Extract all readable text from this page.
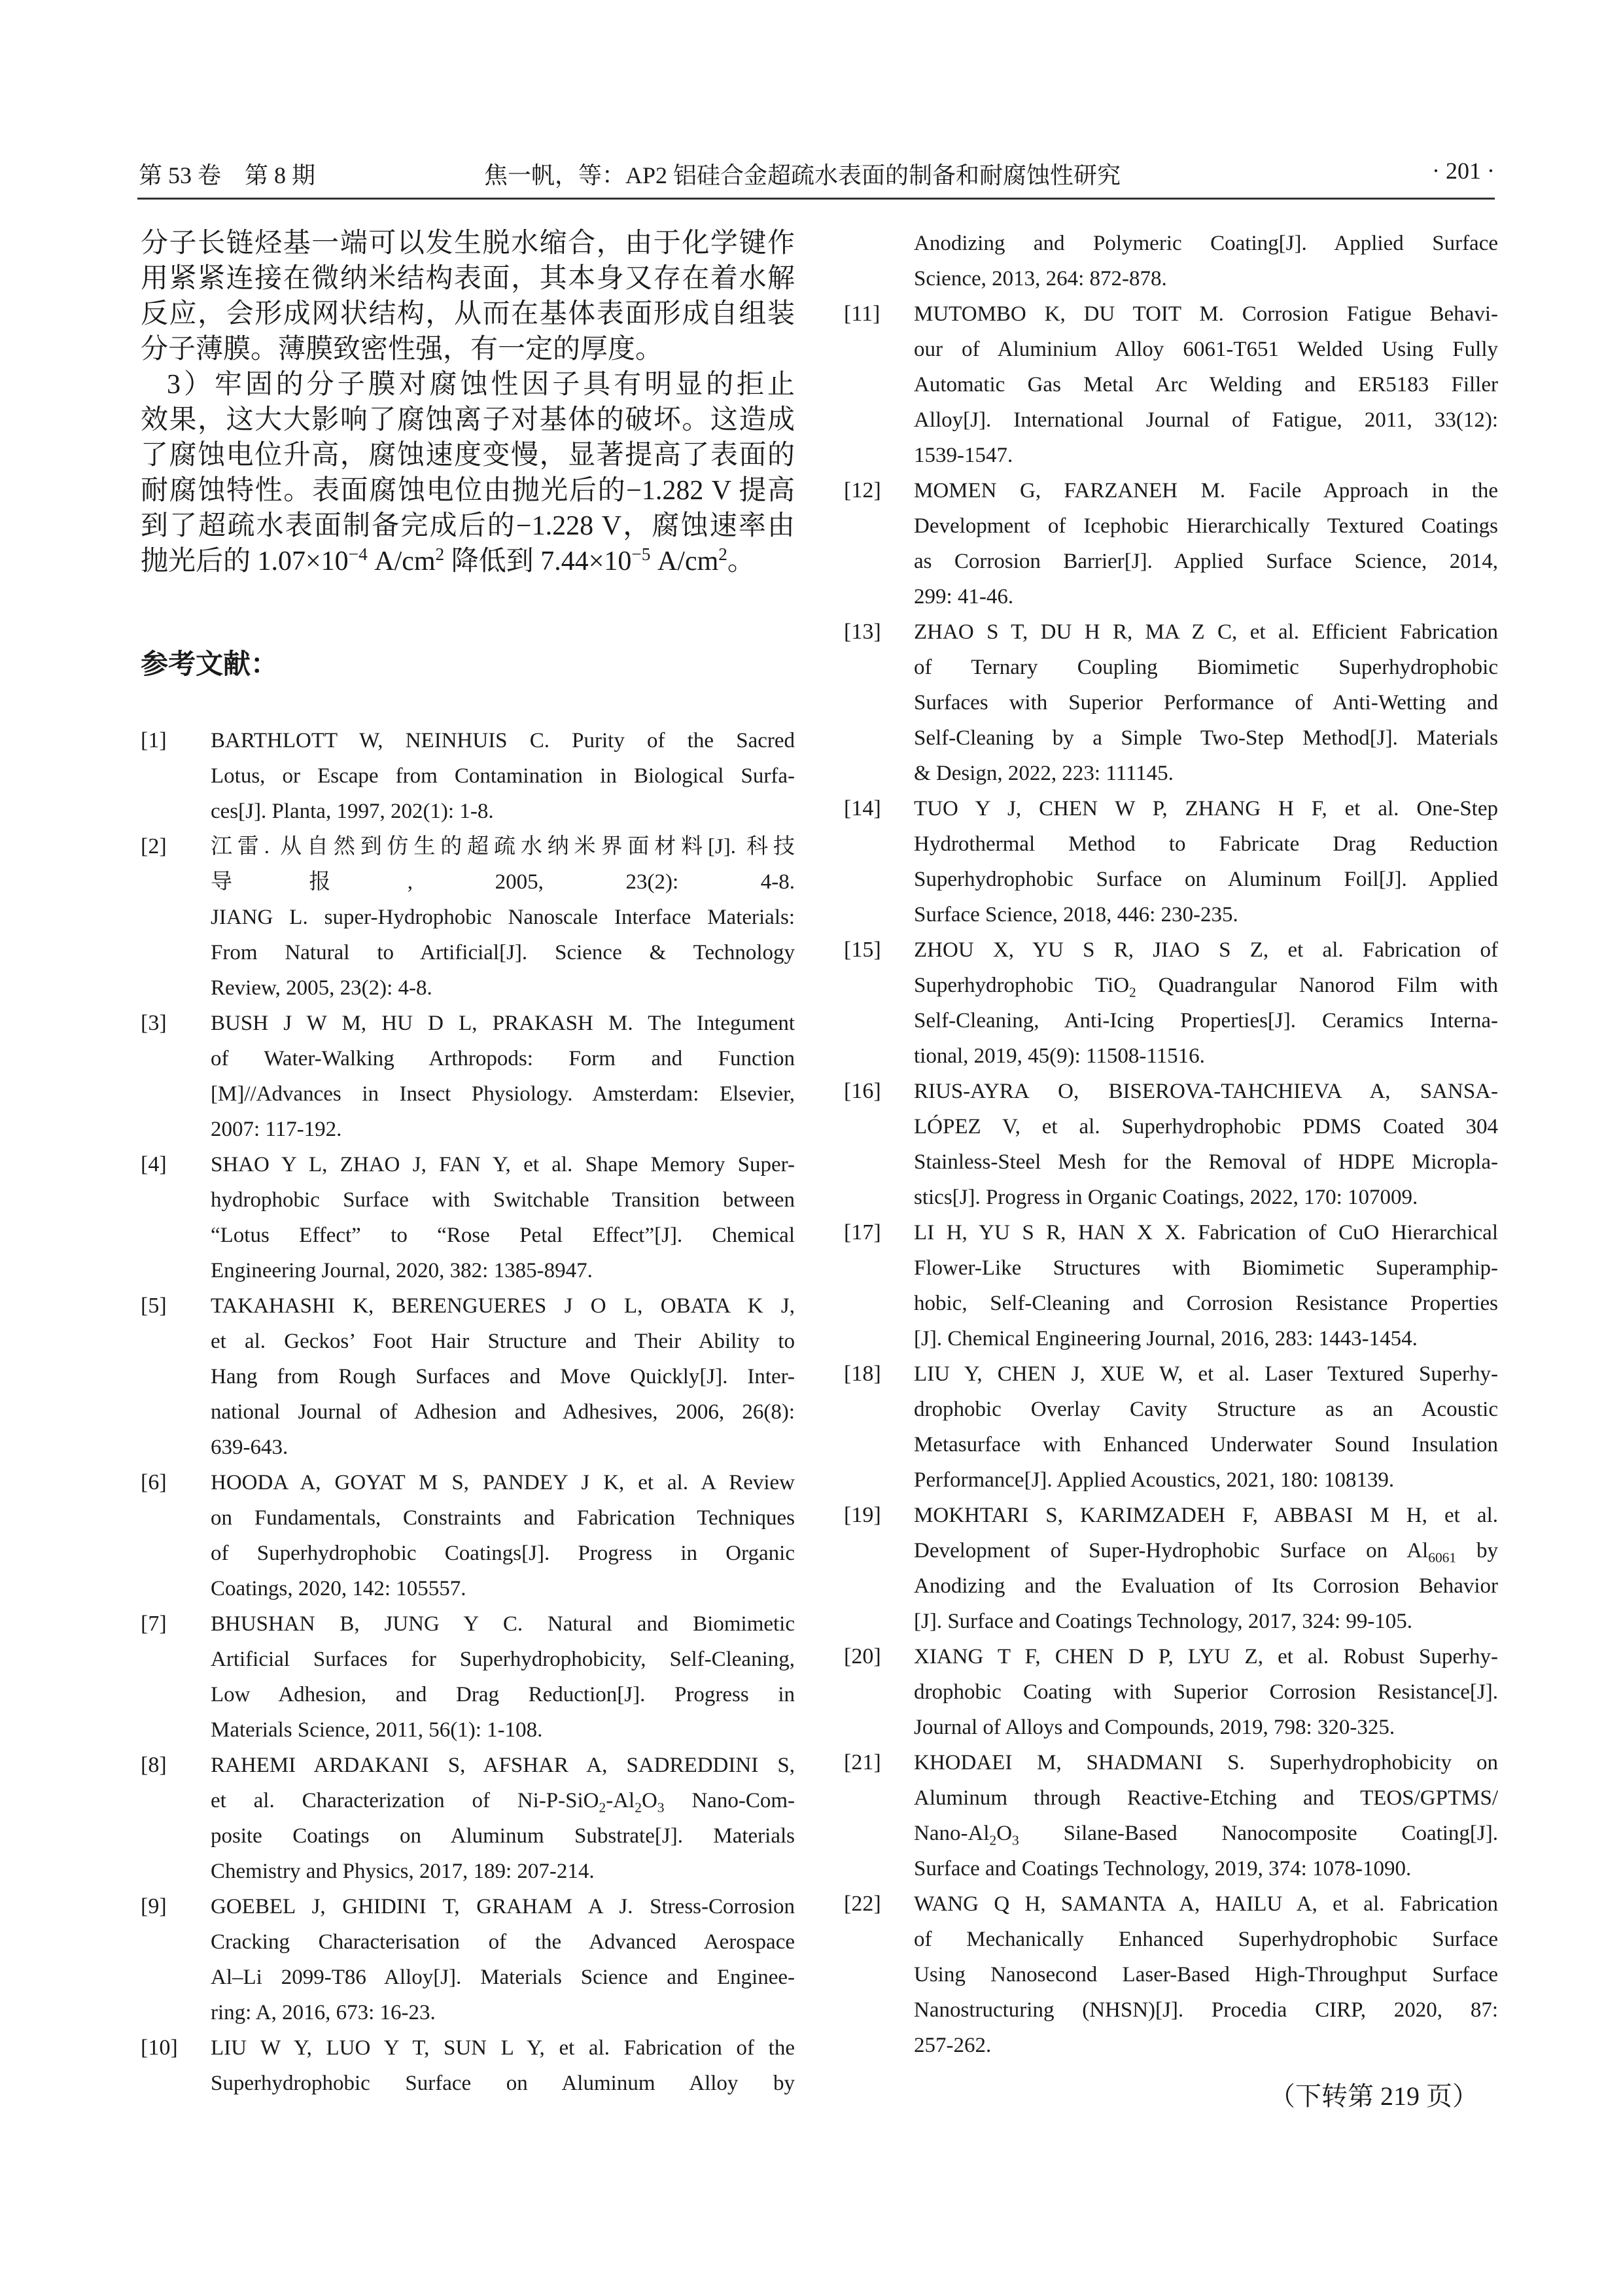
第 53 卷　第 8 期	焦一帆，等：AP2 铝硅合金超疏水表面的制备和耐腐蚀性研究	· 201 ·
分子长链烃基一端可以发生脱水缩合，由于化学键作
用紧紧连接在微纳米结构表面，其本身又存在着水解
反应，会形成网状结构，从而在基体表面形成自组装
分子薄膜。薄膜致密性强，有一定的厚度。
3）牢固的分子膜对腐蚀性因子具有明显的拒止
效果，这大大影响了腐蚀离子对基体的破坏。这造成
了腐蚀电位升高，腐蚀速度变慢，显著提高了表面的
耐腐蚀特性。表面腐蚀电位由抛光后的−1.282 V 提高
到了超疏水表面制备完成后的−1.228 V，腐蚀速率由
抛光后的 $1.07\times 10^{-4}$ $A/cm^2$ 降低到 $7.44\times 10^{-5}$ $A/cm^2$。
参考文献：
[1] BARTHLOTT W, NEINHUIS C. Purity of the Sacred
Lotus, or Escape from Contamination in Biological Surfa-
ces[J]. Planta, 1997, 202(1): 1-8.
[2] 江雷. 从自然到仿生的超疏水纳米界面材料[J]. 科技
导报, 2005, 23(2): 4-8.
JIANG L. super-Hydrophobic Nanoscale Interface Materials:
From Natural to Artificial[J]. Science & Technology
Review, 2005, 23(2): 4-8.
[3] BUSH J W M, HU D L, PRAKASH M. The Integument
of Water-Walking Arthropods: Form and Function
[M]//Advances in Insect Physiology. Amsterdam: Elsevier,
2007: 117-192.
[4] SHAO Y L, ZHAO J, FAN Y, et al. Shape Memory Super-
hydrophobic Surface with Switchable Transition between
“Lotus Effect” to “Rose Petal Effect”[J]. Chemical
Engineering Journal, 2020, 382: 1385-8947.
[5] TAKAHASHI K, BERENGUERES J O L, OBATA K J,
et al. Geckos’ Foot Hair Structure and Their Ability to
Hang from Rough Surfaces and Move Quickly[J]. Inter-
national Journal of Adhesion and Adhesives, 2006, 26(8):
639-643.
[6] HOODA A, GOYAT M S, PANDEY J K, et al. A Review
on Fundamentals, Constraints and Fabrication Techniques
of Superhydrophobic Coatings[J]. Progress in Organic
Coatings, 2020, 142: 105557.
[7] BHUSHAN B, JUNG Y C. Natural and Biomimetic
Artificial Surfaces for Superhydrophobicity, Self-Cleaning,
Low Adhesion, and Drag Reduction[J]. Progress in
Materials Science, 2011, 56(1): 1-108.
[8] RAHEMI ARDAKANI S, AFSHAR A, SADREDDINI S,
et al. Characterization of $Ni-P-SiO_2-Al_2O_3$ Nano-Com-
posite Coatings on Aluminum Substrate[J]. Materials
Chemistry and Physics, 2017, 189: 207-214.
[9] GOEBEL J, GHIDINI T, GRAHAM A J. Stress-Corrosion
Cracking Characterisation of the Advanced Aerospace
Al–Li 2099-T86 Alloy[J]. Materials Science and Enginee-
ring: A, 2016, 673: 16-23.
[10] LIU W Y, LUO Y T, SUN L Y, et al. Fabrication of the
Superhydrophobic Surface on Aluminum Alloy by
Anodizing and Polymeric Coating[J]. Applied Surface
Science, 2013, 264: 872-878.
[11] MUTOMBO K, DU TOIT M. Corrosion Fatigue Behavi-
our of Aluminium Alloy 6061-T651 Welded Using Fully
Automatic Gas Metal Arc Welding and ER5183 Filler
Alloy[J]. International Journal of Fatigue, 2011, 33(12):
1539-1547.
[12] MOMEN G, FARZANEH M. Facile Approach in the
Development of Icephobic Hierarchically Textured Coatings
as Corrosion Barrier[J]. Applied Surface Science, 2014,
299: 41-46.
[13] ZHAO S T, DU H R, MA Z C, et al. Efficient Fabrication
of Ternary Coupling Biomimetic Superhydrophobic
Surfaces with Superior Performance of Anti-Wetting and
Self-Cleaning by a Simple Two-Step Method[J]. Materials
& Design, 2022, 223: 111145.
[14] TUO Y J, CHEN W P, ZHANG H F, et al. One-Step
Hydrothermal Method to Fabricate Drag Reduction
Superhydrophobic Surface on Aluminum Foil[J]. Applied
Surface Science, 2018, 446: 230-235.
[15] ZHOU X, YU S R, JIAO S Z, et al. Fabrication of
Superhydrophobic TiO$_2$ Quadrangular Nanorod Film with
Self-Cleaning, Anti-Icing Properties[J]. Ceramics Interna-
tional, 2019, 45(9): 11508-11516.
[16] RIUS-AYRA O, BISEROVA-TAHCHIEVA A, SANSA-
LÓPEZ V, et al. Superhydrophobic PDMS Coated 304
Stainless-Steel Mesh for the Removal of HDPE Micropla-
stics[J]. Progress in Organic Coatings, 2022, 170: 107009.
[17] LI H, YU S R, HAN X X. Fabrication of CuO Hierarchical
Flower-Like Structures with Biomimetic Superamphip-
hobic, Self-Cleaning and Corrosion Resistance Properties
[J]. Chemical Engineering Journal, 2016, 283: 1443-1454.
[18] LIU Y, CHEN J, XUE W, et al. Laser Textured Superhy-
drophobic Overlay Cavity Structure as an Acoustic
Metasurface with Enhanced Underwater Sound Insulation
Performance[J]. Applied Acoustics, 2021, 180: 108139.
[19] MOKHTARI S, KARIMZADEH F, ABBASI M H, et al.
Development of Super-Hydrophobic Surface on $Al_{6061}$ by
Anodizing and the Evaluation of Its Corrosion Behavior
[J]. Surface and Coatings Technology, 2017, 324: 99-105.
[20] XIANG T F, CHEN D P, LYU Z, et al. Robust Superhy-
drophobic Coating with Superior Corrosion Resistance[J].
Journal of Alloys and Compounds, 2019, 798: 320-325.
[21] KHODAEI M, SHADMANI S. Superhydrophobicity on
Aluminum through Reactive-Etching and TEOS/GPTMS/
Nano-$Al_2O_3$ Silane-Based Nanocomposite Coating[J].
Surface and Coatings Technology, 2019, 374: 1078-1090.
[22] WANG Q H, SAMANTA A, HAILU A, et al. Fabrication
of Mechanically Enhanced Superhydrophobic Surface
Using Nanosecond Laser-Based High-Throughput Surface
Nanostructuring (NHSN)[J]. Procedia CIRP, 2020, 87:
257-262.
（下转第 219 页）
